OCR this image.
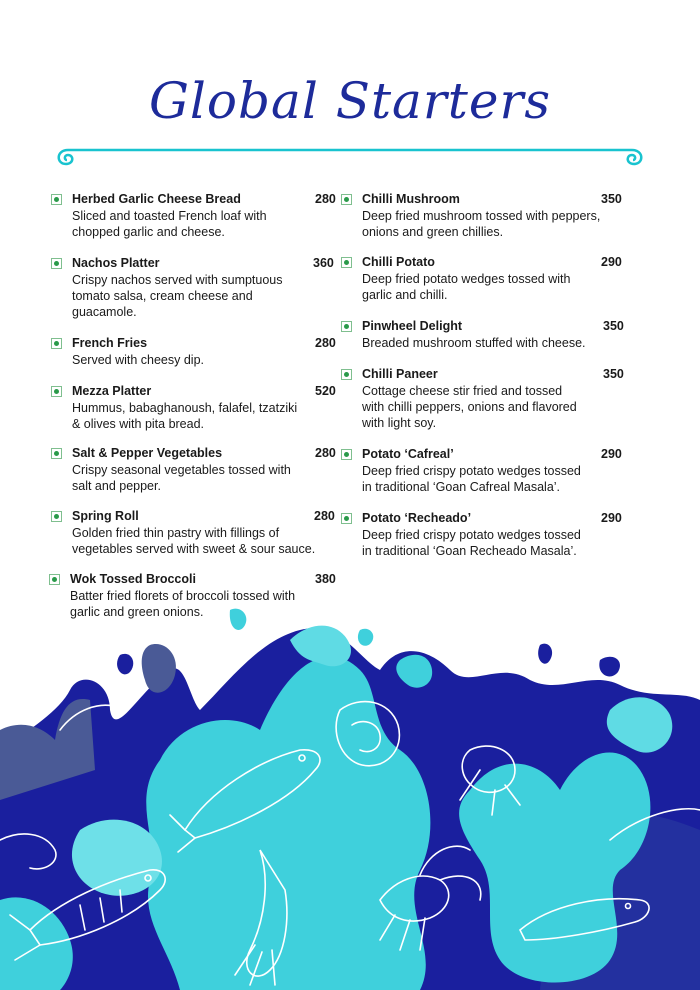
Global Starters
Herbed Garlic Cheese Bread	280
Sliced and toasted French loaf with
chopped garlic and cheese.
Nachos Platter	360
Crispy nachos served with sumptuous
tomato salsa, cream cheese and
guacamole.
French Fries	280
Served with cheesy dip.
Mezza Platter	520
Hummus, babaghanoush, falafel, tzatziki
& olives with pita bread.
Salt & Pepper Vegetables	280
Crispy seasonal vegetables tossed with
salt and pepper.
Spring Roll	280
Golden fried thin pastry with fillings of
vegetables served with sweet & sour sauce.
Wok Tossed Broccoli	380
Batter fried florets of broccoli tossed with
garlic and green onions.
Chilli Mushroom	350
Deep fried mushroom tossed with peppers,
onions and green chillies.
Chilli Potato	290
Deep fried potato wedges tossed with
garlic and chilli.
Pinwheel Delight	350
Breaded mushroom stuffed with cheese.
Chilli Paneer	350
Cottage cheese stir fried and tossed
with chilli peppers, onions and flavored
with light soy.
Potato ‘Cafreal’	290
Deep fried crispy potato wedges tossed
in traditional ‘Goan Cafreal Masala’.
Potato ‘Recheado’	290
Deep fried crispy potato wedges tossed
in traditional ‘Goan Recheado Masala’.
